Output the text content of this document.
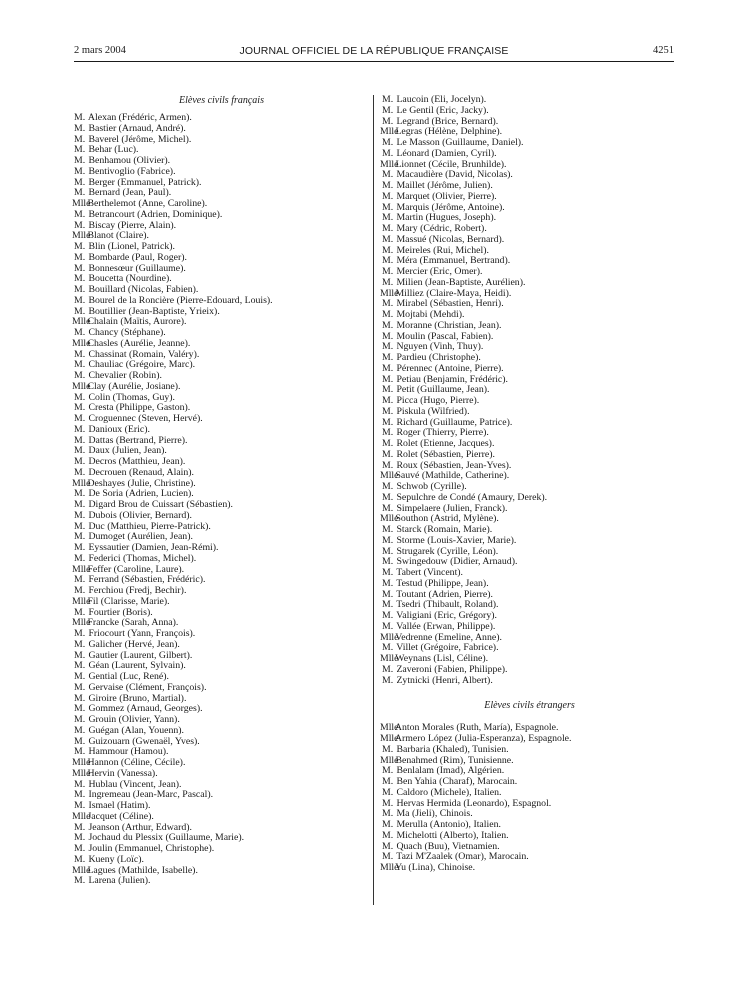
2 mars 2004	JOURNAL OFFICIEL DE LA RÉPUBLIQUE FRANÇAISE	4251
Elèves civils français
M. Alexan (Frédéric, Armen).
M. Bastier (Arnaud, André).
M. Baverel (Jérôme, Michel).
M. Behar (Luc).
M. Benhamou (Olivier).
M. Bentivoglio (Fabrice).
M. Berger (Emmanuel, Patrick).
M. Bernard (Jean, Paul).
Mlle Berthelemot (Anne, Caroline).
M. Betrancourt (Adrien, Dominique).
M. Biscay (Pierre, Alain).
Mlle Blanot (Claire).
M. Blin (Lionel, Patrick).
M. Bombarde (Paul, Roger).
M. Bonnesœur (Guillaume).
M. Boucetta (Nourdine).
M. Bouillard (Nicolas, Fabien).
M. Bourel de la Roncière (Pierre-Edouard, Louis).
M. Boutillier (Jean-Baptiste, Yrieix).
Mlle Chalain (Maïtis, Aurore).
M. Chancy (Stéphane).
Mlle Chasles (Aurélie, Jeanne).
M. Chassinat (Romain, Valéry).
M. Chauliac (Grégoire, Marc).
M. Chevalier (Robin).
Mlle Clay (Aurélie, Josiane).
M. Colin (Thomas, Guy).
M. Cresta (Philippe, Gaston).
M. Croguennec (Steven, Hervé).
M. Danioux (Eric).
M. Dattas (Bertrand, Pierre).
M. Daux (Julien, Jean).
M. Decros (Matthieu, Jean).
M. Decrouen (Renaud, Alain).
Mlle Deshayes (Julie, Christine).
M. De Soria (Adrien, Lucien).
M. Digard Brou de Cuissart (Sébastien).
M. Dubois (Olivier, Bernard).
M. Duc (Matthieu, Pierre-Patrick).
M. Dumoget (Aurélien, Jean).
M. Eyssautier (Damien, Jean-Rémi).
M. Federici (Thomas, Michel).
Mlle Feffer (Caroline, Laure).
M. Ferrand (Sébastien, Frédéric).
M. Ferchiou (Fredj, Bechir).
Mlle Fil (Clarisse, Marie).
M. Fourtier (Boris).
Mlle Francke (Sarah, Anna).
M. Friocourt (Yann, François).
M. Galicher (Hervé, Jean).
M. Gautier (Laurent, Gilbert).
M. Géan (Laurent, Sylvain).
M. Gential (Luc, René).
M. Gervaise (Clément, François).
M. Giroire (Bruno, Martial).
M. Gommez (Arnaud, Georges).
M. Grouin (Olivier, Yann).
M. Guégan (Alan, Youenn).
M. Guizouarn (Gwenaël, Yves).
M. Hammour (Hamou).
Mlle Hannon (Céline, Cécile).
Mlle Hervin (Vanessa).
M. Hublau (Vincent, Jean).
M. Ingremeau (Jean-Marc, Pascal).
M. Ismael (Hatim).
Mlle Jacquet (Céline).
M. Jeanson (Arthur, Edward).
M. Jochaud du Plessix (Guillaume, Marie).
M. Joulin (Emmanuel, Christophe).
M. Kueny (Loïc).
Mlle Lagues (Mathilde, Isabelle).
M. Larena (Julien).
M. Laucoin (Eli, Jocelyn).
M. Le Gentil (Eric, Jacky).
M. Legrand (Brice, Bernard).
Mlle Legras (Hélène, Delphine).
M. Le Masson (Guillaume, Daniel).
M. Léonard (Damien, Cyril).
Mlle Lionnet (Cécile, Brunhilde).
M. Macaudière (David, Nicolas).
M. Maillet (Jérôme, Julien).
M. Marquet (Olivier, Pierre).
M. Marquis (Jérôme, Antoine).
M. Martin (Hugues, Joseph).
M. Mary (Cédric, Robert).
M. Massué (Nicolas, Bernard).
M. Meireles (Rui, Michel).
M. Méra (Emmanuel, Bertrand).
M. Mercier (Eric, Omer).
M. Milien (Jean-Baptiste, Aurélien).
Mlle Milliez (Claire-Maya, Heidi).
M. Mirabel (Sébastien, Henri).
M. Mojtabi (Mehdi).
M. Moranne (Christian, Jean).
M. Moulin (Pascal, Fabien).
M. Nguyen (Vinh, Thuy).
M. Pardieu (Christophe).
M. Pérennec (Antoine, Pierre).
M. Petiau (Benjamin, Frédéric).
M. Petit (Guillaume, Jean).
M. Picca (Hugo, Pierre).
M. Piskula (Wilfried).
M. Richard (Guillaume, Patrice).
M. Roger (Thierry, Pierre).
M. Rolet (Etienne, Jacques).
M. Rolet (Sébastien, Pierre).
M. Roux (Sébastien, Jean-Yves).
Mlle Sauvé (Mathilde, Catherine).
M. Schwob (Cyrille).
M. Sepulchre de Condé (Amaury, Derek).
M. Simpelaere (Julien, Franck).
Mlle Southon (Astrid, Mylène).
M. Starck (Romain, Marie).
M. Storme (Louis-Xavier, Marie).
M. Strugarek (Cyrille, Léon).
M. Swingedouw (Didier, Arnaud).
M. Tabert (Vincent).
M. Testud (Philippe, Jean).
M. Toutant (Adrien, Pierre).
M. Tsedri (Thibault, Roland).
M. Valigiani (Eric, Grégory).
M. Vallée (Erwan, Philippe).
Mlle Vedrenne (Emeline, Anne).
M. Villet (Grégoire, Fabrice).
Mlle Weynans (Lisl, Céline).
M. Zaveroni (Fabien, Philippe).
M. Zytnicki (Henri, Albert).
Elèves civils étrangers
Mlle Anton Morales (Ruth, María), Espagnole.
Mlle Armero López (Julia-Esperanza), Espagnole.
M. Barbaria (Khaled), Tunisien.
Mlle Benahmed (Rim), Tunisienne.
M. Benlalam (Imad), Algérien.
M. Ben Yahia (Charaf), Marocain.
M. Caldoro (Michele), Italien.
M. Hervas Hermida (Leonardo), Espagnol.
M. Ma (Jieli), Chinois.
M. Merulla (Antonio), Italien.
M. Michelotti (Alberto), Italien.
M. Quach (Buu), Vietnamien.
M. Tazi M'Zaalek (Omar), Marocain.
Mlle Yu (Lina), Chinoise.
